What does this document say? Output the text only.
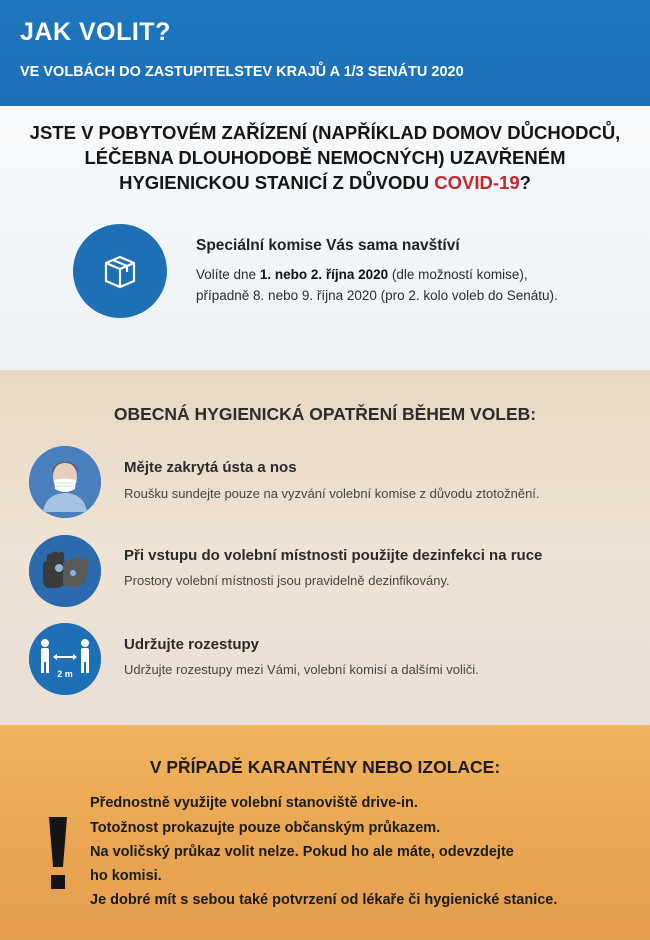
JAK VOLIT?
VE VOLBÁCH DO ZASTUPITELSTEV KRAJŮ A 1/3 SENÁTU 2020
JSTE V POBYTOVÉM ZAŘÍZENÍ (NAPŘÍKLAD DOMOV DŮCHODCŮ,
LÉČEBNA DLOUHODOBĚ NEMOCNÝCH) UZAVŘENÉM
HYGIENICKOU STANICÍ Z DŮVODU COVID-19?
Speciální komise Vás sama navštíví
Volíte dne 1. nebo 2. října 2020 (dle možností komise),
případně 8. nebo 9. října 2020 (pro 2. kolo voleb do Senátu).
OBECNÁ HYGIENICKÁ OPATŘENÍ BĚHEM VOLEB:
Mějte zakrytá ústa a nos
Roušku sundejte pouze na vyzvání volební komise z důvodu ztotožnění.
Při vstupu do volební místnosti použijte dezinfekci na ruce
Prostory volební místnosti jsou pravidelně dezinfikovány.
2 m
Udržujte rozestupy
Udržujte rozestupy mezi Vámi, volební komisí a dalšími voliči.
V PŘÍPADĚ KARANTÉNY NEBO IZOLACE:
Přednostně využijte volební stanoviště drive-in.
Totožnost prokazujte pouze občanským průkazem.
Na voličský průkaz volit nelze. Pokud ho ale máte, odevzdejte
ho komisi.
Je dobré mít s sebou také potvrzení od lékaře či hygienické stanice.
